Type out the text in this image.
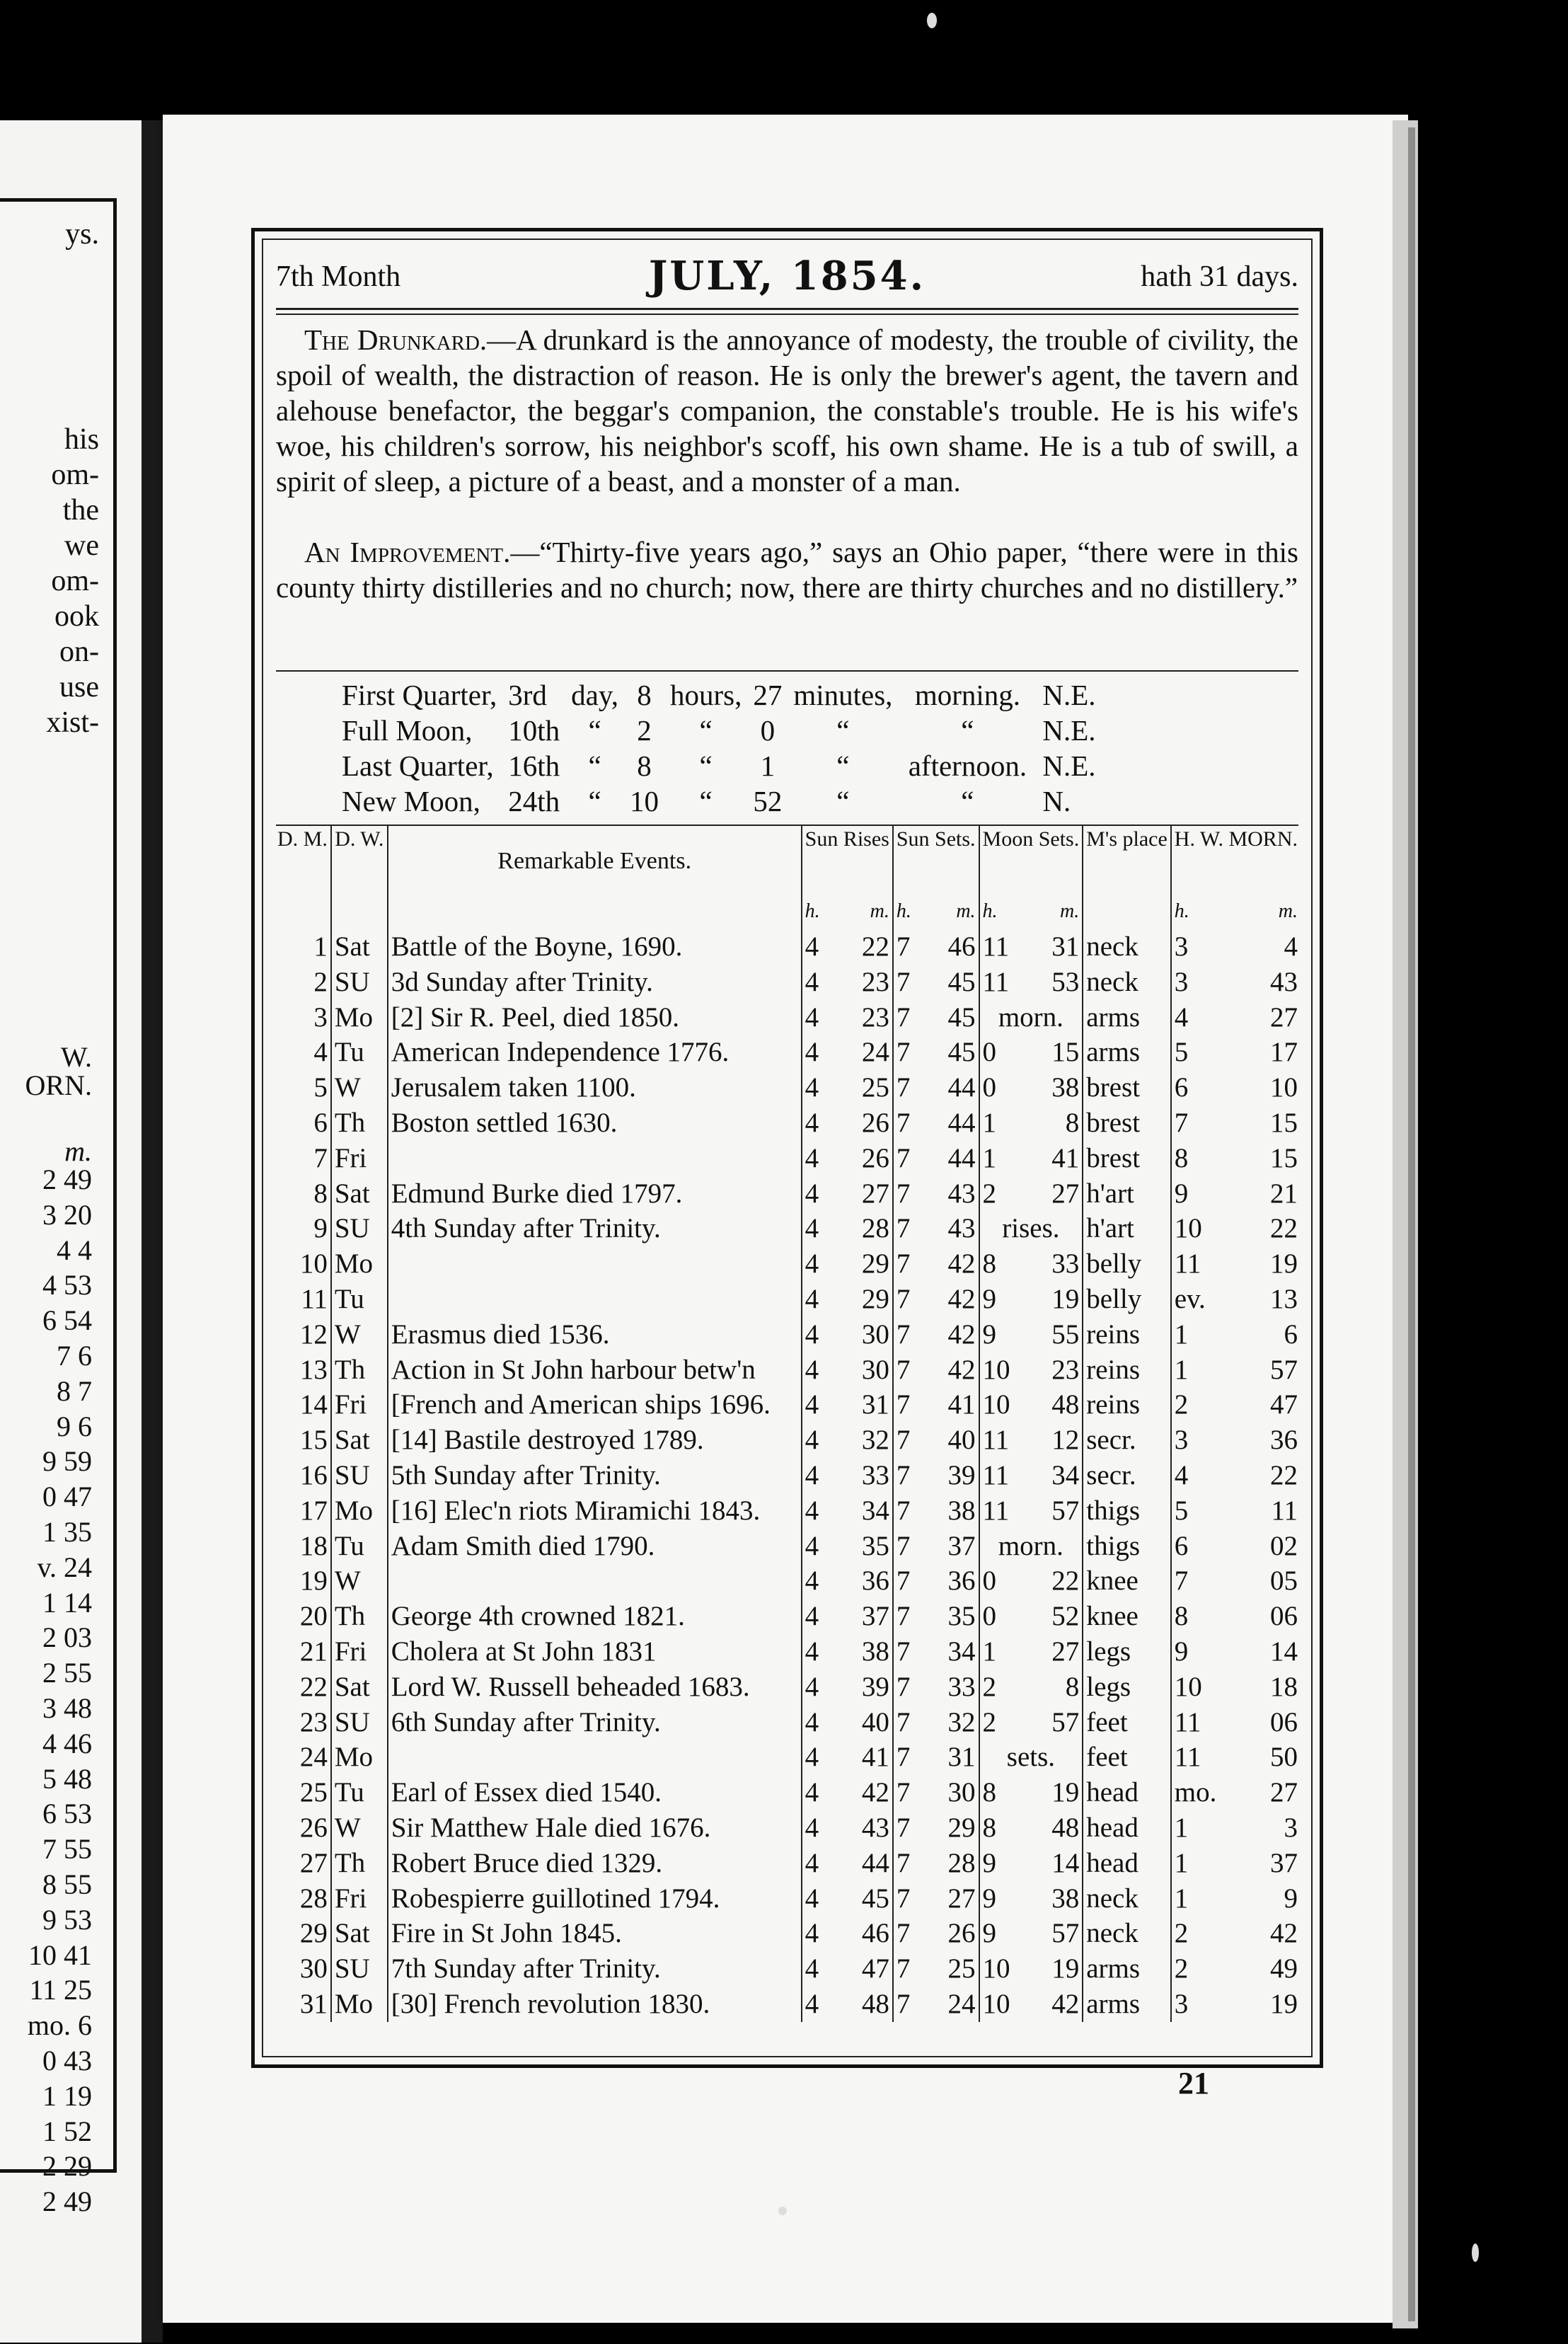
ys.
his
om-
the
we
om-
ook
on-
use
xist-
W.
ORN.
m.
2 49
3 20
4 4
4 53
6 54
7 6
8 7
9 6
9 59
0 47
1 35
v. 24
1 14
2 03
2 55
3 48
4 46
5 48
6 53
7 55
8 55
9 53
10 41
11 25
mo. 6
0 43
1 19
1 52
2 29
2 49
7th Month	JULY, 1854.	hath 31 days.
The Drunkard.—A drunkard is the annoyance of modesty, the trouble of civility, the spoil of wealth, the distraction of reason. He is only the brewer's agent, the tavern and alehouse benefactor, the beggar's companion, the constable's trouble. He is his wife's woe, his children's sorrow, his neighbor's scoff, his own shame. He is a tub of swill, a spirit of sleep, a picture of a beast, and a monster of a man.
An Improvement.—“Thirty-five years ago,” says an Ohio paper, “there were in this county thirty distilleries and no church; now, there are thirty churches and no distillery.”
First Quarter,	3rd	day,	8	hours,	27	minutes,	morning.	N.E.
Full Moon,	10th	“	2	“	0	“	“	N.E.
Last Quarter,	16th	“	8	“	1	“	afternoon.	N.E.
New Moon,	24th	“	10	“	52	“	“	N.
D. M.	D. W.	Remarkable Events.	Sun Rises	Sun Sets.	Moon Sets.	M's place	H. W. MORN.

			h. m.	h. m.	h. m.		h. m.

1	Sat	Battle of the Boyne, 1690.	4 22	7 46	11 31	neck	3 4

2	SU	3d Sunday after Trinity.	4 23	7 45	11 53	neck	3 43

3	Mo	[2] Sir R. Peel, died 1850.	4 23	7 45	morn.	arms	4 27

4	Tu	American Independence 1776.	4 24	7 45	0 15	arms	5 17

5	W	Jerusalem taken 1100.	4 25	7 44	0 38	brest	6 10

6	Th	Boston settled 1630.	4 26	7 44	1 8	brest	7 15

7	Fri		4 26	7 44	1 41	brest	8 15

8	Sat	Edmund Burke died 1797.	4 27	7 43	2 27	h'art	9 21

9	SU	4th Sunday after Trinity.	4 28	7 43	rises.	h'art	10 22

10	Mo		4 29	7 42	8 33	belly	11 19

11	Tu		4 29	7 42	9 19	belly	ev. 13

12	W	Erasmus died 1536.	4 30	7 42	9 55	reins	1 6

13	Th	Action in St John harbour betw'n	4 30	7 42	10 23	reins	1 57

14	Fri	[French and American ships 1696.	4 31	7 41	10 48	reins	2 47

15	Sat	[14] Bastile destroyed 1789.	4 32	7 40	11 12	secr.	3 36

16	SU	5th Sunday after Trinity.	4 33	7 39	11 34	secr.	4 22

17	Mo	[16] Elec'n riots Miramichi 1843.	4 34	7 38	11 57	thigs	5 11

18	Tu	Adam Smith died 1790.	4 35	7 37	morn.	thigs	6 02

19	W		4 36	7 36	0 22	knee	7 05

20	Th	George 4th crowned 1821.	4 37	7 35	0 52	knee	8 06

21	Fri	Cholera at St John 1831	4 38	7 34	1 27	legs	9 14

22	Sat	Lord W. Russell beheaded 1683.	4 39	7 33	2 8	legs	10 18

23	SU	6th Sunday after Trinity.	4 40	7 32	2 57	feet	11 06

24	Mo		4 41	7 31	sets.	feet	11 50

25	Tu	Earl of Essex died 1540.	4 42	7 30	8 19	head	mo. 27

26	W	Sir Matthew Hale died 1676.	4 43	7 29	8 48	head	1 3

27	Th	Robert Bruce died 1329.	4 44	7 28	9 14	head	1 37

28	Fri	Robespierre guillotined 1794.	4 45	7 27	9 38	neck	1 9

29	Sat	Fire in St John 1845.	4 46	7 26	9 57	neck	2 42

30	SU	7th Sunday after Trinity.	4 47	7 25	10 19	arms	2 49

31	Mo	[30] French revolution 1830.	4 48	7 24	10 42	arms	3 19
21
